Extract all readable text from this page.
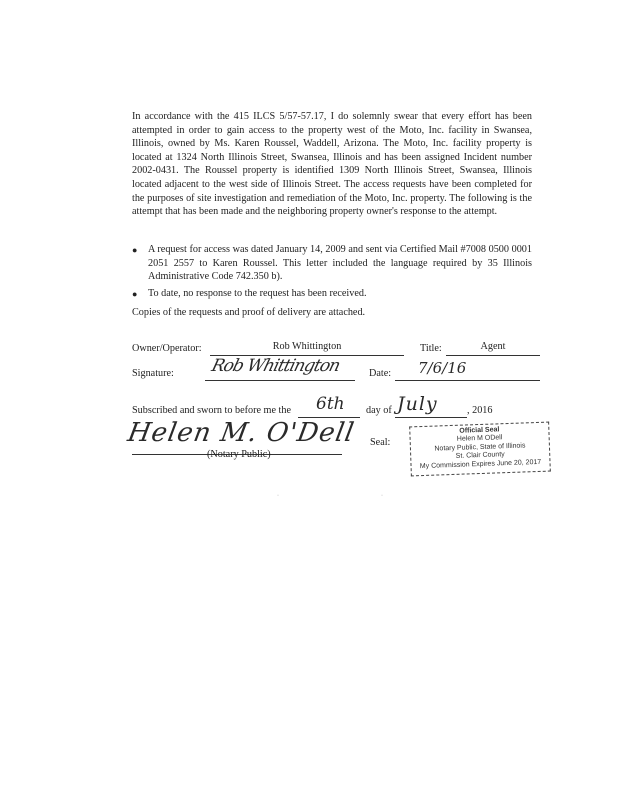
In accordance with the 415 ILCS 5/57-57.17, I do solemnly swear that every effort has been attempted in order to gain access to the property west of the Moto, Inc. facility in Swansea, Illinois, owned by Ms. Karen Roussel, Waddell, Arizona. The Moto, Inc. facility property is located at 1324 North Illinois Street, Swansea, Illinois and has been assigned Incident number 2002-0431. The Roussel property is identified 1309 North Illinois Street, Swansea, Illinois located adjacent to the west side of Illinois Street. The access requests have been completed for the purposes of site investigation and remediation of the Moto, Inc. property. The following is the attempt that has been made and the neighboring property owner's response to the attempt.
●	A request for access was dated January 14, 2009 and sent via Certified Mail #7008 0500 0001 2051 2557 to Karen Roussel. This letter included the language required by 35 Illinois Administrative Code 742.350 b).
●	To date, no response to the request has been received.
Copies of the requests and proof of delivery are attached.
Owner/Operator:	Rob Whittington	Title:	Agent
Signature: Rob Whittington	Date: 7/6/16
Subscribed and sworn to before me the 6th day of July	, 2016
Helen M. O'Dell
(Notary Public)
Seal:
Official Seal
Helen M ODell
Notary Public, State of Illinois
St. Clair County
My Commission Expires June 20, 2017
·	·
